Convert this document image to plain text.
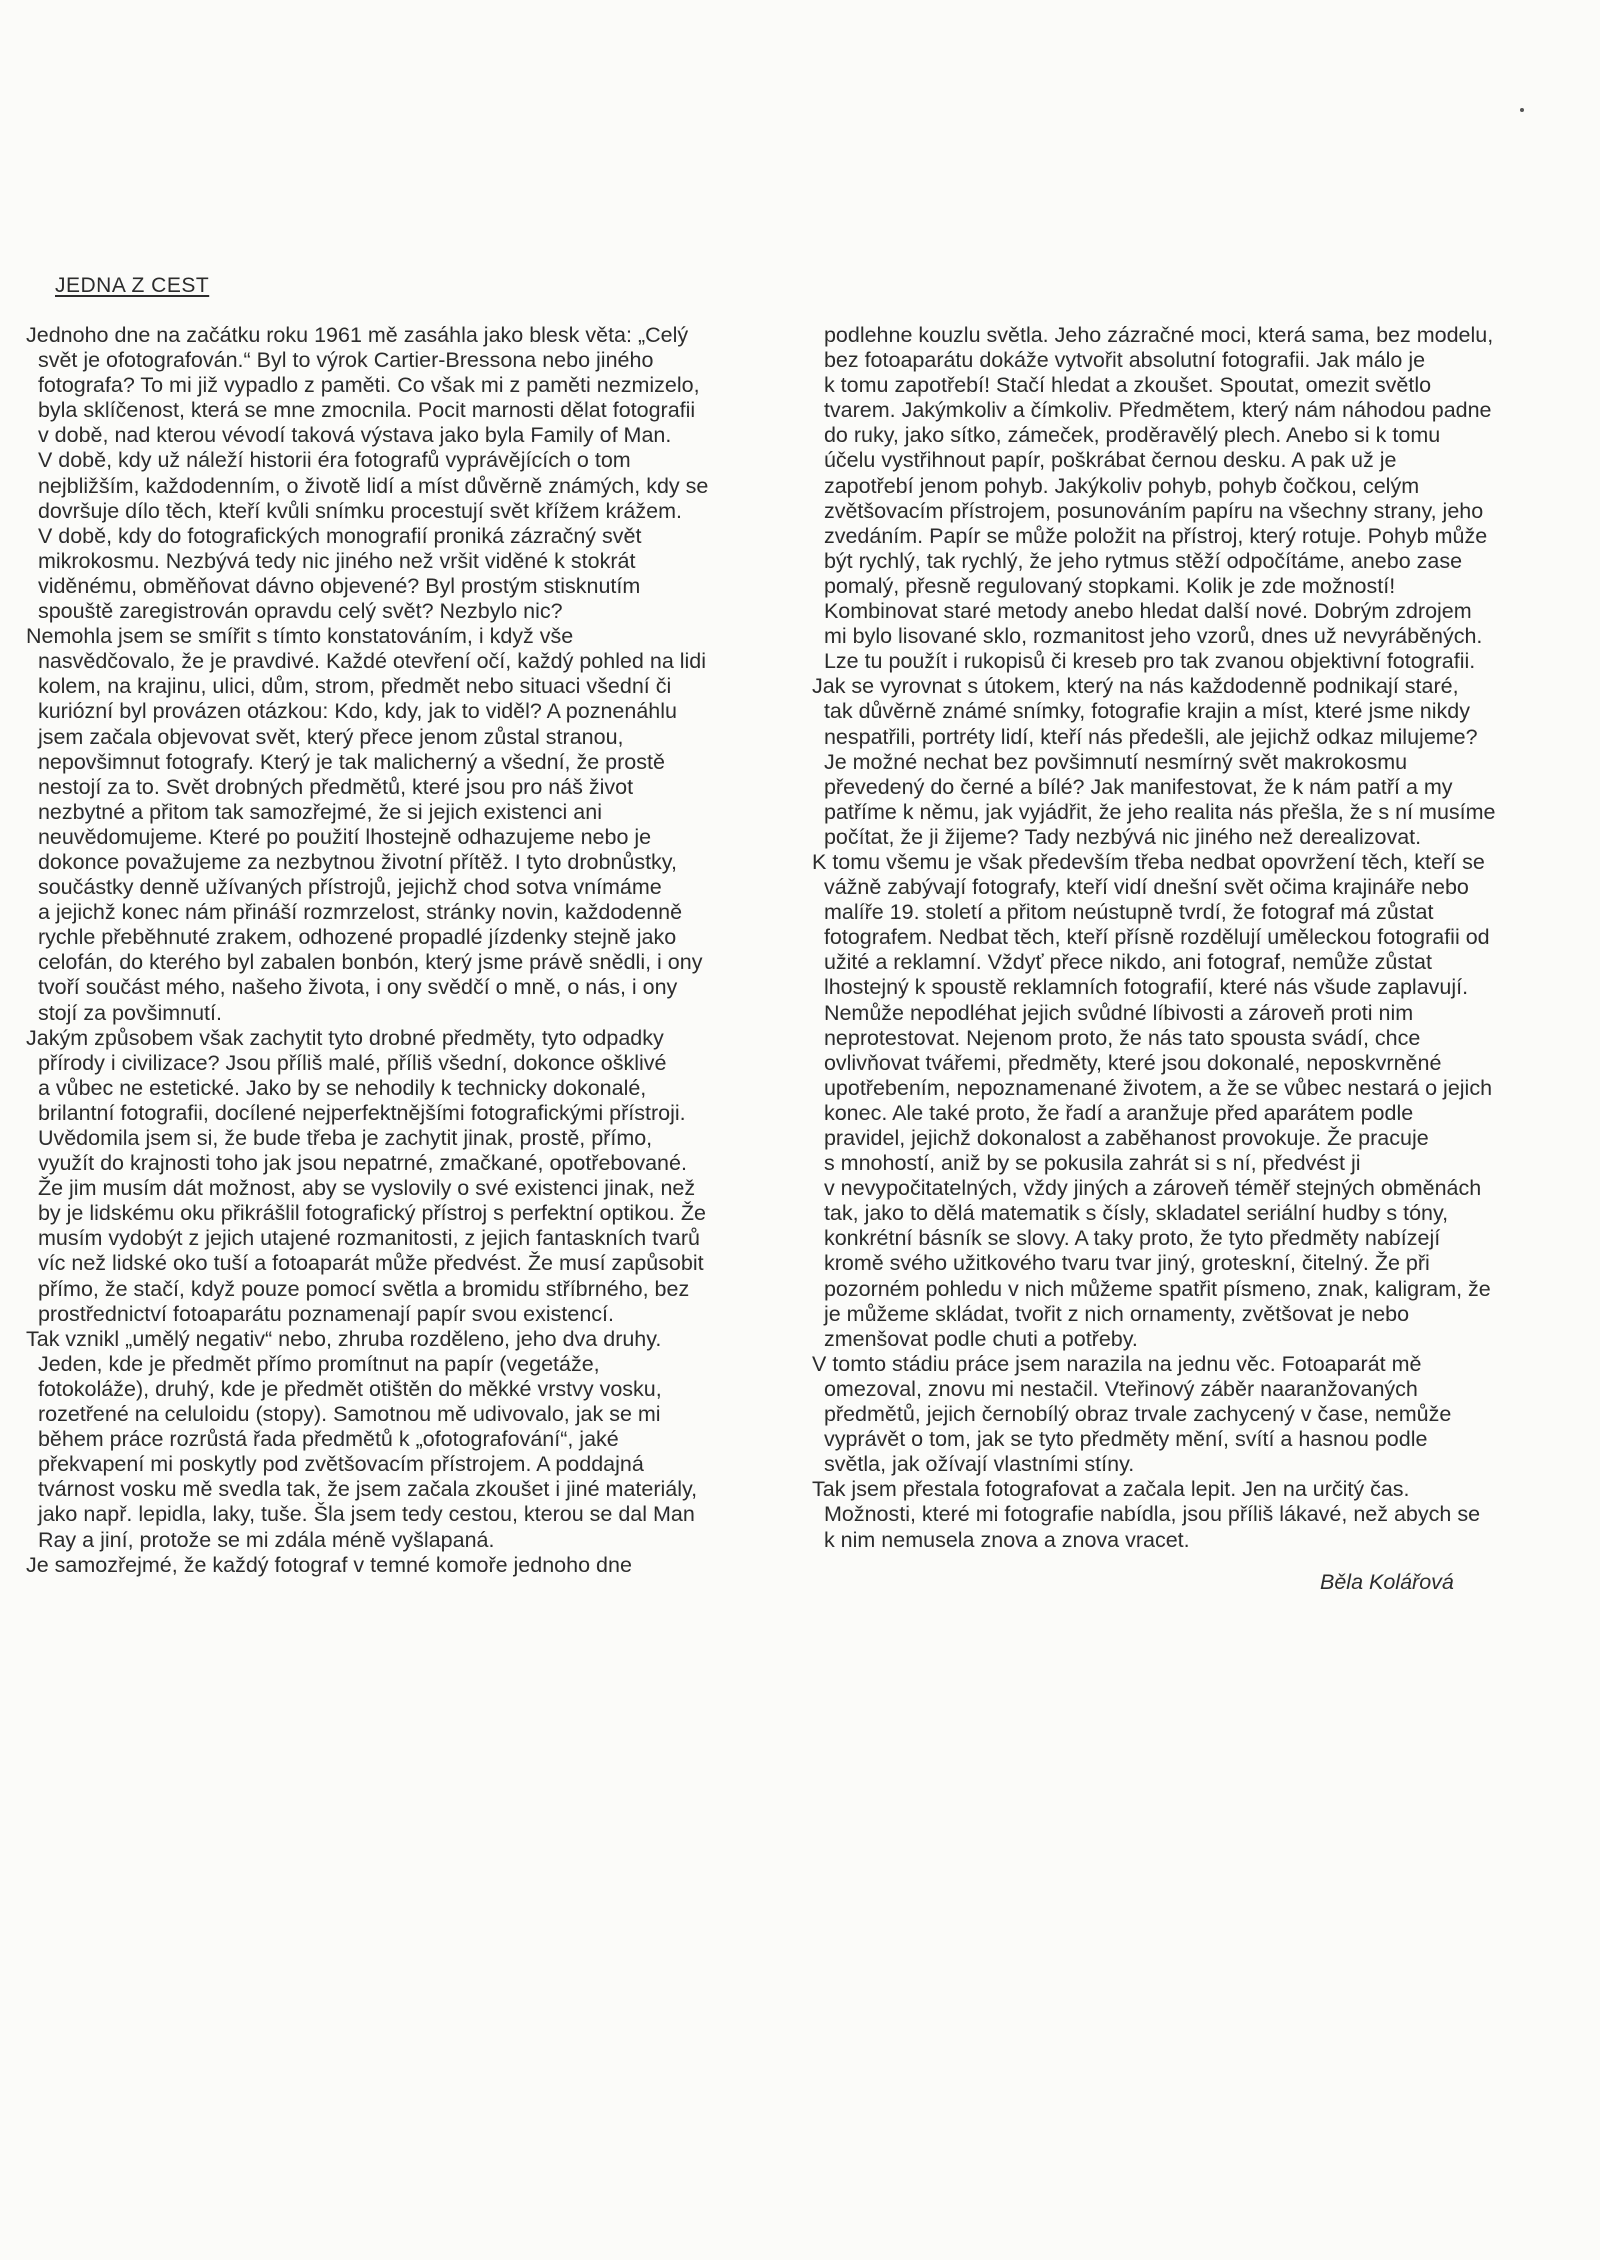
JEDNA Z CEST
Jednoho dne na začátku roku 1961 mě zasáhla jako blesk věta: „Celý
svět je ofotografován.“ Byl to výrok Cartier-Bressona nebo jiného
fotografa? To mi již vypadlo z paměti. Co však mi z paměti nezmizelo,
byla sklíčenost, která se mne zmocnila. Pocit marnosti dělat fotografii
v době, nad kterou vévodí taková výstava jako byla Family of Man.
V době, kdy už náleží historii éra fotografů vyprávějících o tom
nejbližším, každodenním, o životě lidí a míst důvěrně známých, kdy se
dovršuje dílo těch, kteří kvůli snímku procestují svět křížem krážem.
V době, kdy do fotografických monografií proniká zázračný svět
mikrokosmu. Nezbývá tedy nic jiného než vršit viděné k stokrát
viděnému, obměňovat dávno objevené? Byl prostým stisknutím
spouště zaregistrován opravdu celý svět? Nezbylo nic?
Nemohla jsem se smířit s tímto konstatováním, i když vše
nasvědčovalo, že je pravdivé. Každé otevření očí, každý pohled na lidi
kolem, na krajinu, ulici, dům, strom, předmět nebo situaci všední či
kuriózní byl provázen otázkou: Kdo, kdy, jak to viděl? A poznenáhlu
jsem začala objevovat svět, který přece jenom zůstal stranou,
nepovšimnut fotografy. Který je tak malicherný a všední, že prostě
nestojí za to. Svět drobných předmětů, které jsou pro náš život
nezbytné a přitom tak samozřejmé, že si jejich existenci ani
neuvědomujeme. Které po použití lhostejně odhazujeme nebo je
dokonce považujeme za nezbytnou životní přítěž. I tyto drobnůstky,
součástky denně užívaných přístrojů, jejichž chod sotva vnímáme
a jejichž konec nám přináší rozmrzelost, stránky novin, každodenně
rychle přeběhnuté zrakem, odhozené propadlé jízdenky stejně jako
celofán, do kterého byl zabalen bonbón, který jsme právě snědli, i ony
tvoří součást mého, našeho života, i ony svědčí o mně, o nás, i ony
stojí za povšimnutí.
Jakým způsobem však zachytit tyto drobné předměty, tyto odpadky
přírody i civilizace? Jsou příliš malé, příliš všední, dokonce ošklivé
a vůbec ne estetické. Jako by se nehodily k technicky dokonalé,
brilantní fotografii, docílené nejperfektnějšími fotografickými přístroji.
Uvědomila jsem si, že bude třeba je zachytit jinak, prostě, přímo,
využít do krajnosti toho jak jsou nepatrné, zmačkané, opotřebované.
Že jim musím dát možnost, aby se vyslovily o své existenci jinak, než
by je lidskému oku přikrášlil fotografický přístroj s perfektní optikou. Že
musím vydobýt z jejich utajené rozmanitosti, z jejich fantaskních tvarů
víc než lidské oko tuší a fotoaparát může předvést. Že musí zapůsobit
přímo, že stačí, když pouze pomocí světla a bromidu stříbrného, bez
prostřednictví fotoaparátu poznamenají papír svou existencí.
Tak vznikl „umělý negativ“ nebo, zhruba rozděleno, jeho dva druhy.
Jeden, kde je předmět přímo promítnut na papír (vegetáže,
fotokoláže), druhý, kde je předmět otištěn do měkké vrstvy vosku,
rozetřené na celuloidu (stopy). Samotnou mě udivovalo, jak se mi
během práce rozrůstá řada předmětů k „ofotografování“, jaké
překvapení mi poskytly pod zvětšovacím přístrojem. A poddajná
tvárnost vosku mě svedla tak, že jsem začala zkoušet i jiné materiály,
jako např. lepidla, laky, tuše. Šla jsem tedy cestou, kterou se dal Man
Ray a jiní, protože se mi zdála méně vyšlapaná.
Je samozřejmé, že každý fotograf v temné komoře jednoho dne
podlehne kouzlu světla. Jeho zázračné moci, která sama, bez modelu,
bez fotoaparátu dokáže vytvořit absolutní fotografii. Jak málo je
k tomu zapotřebí! Stačí hledat a zkoušet. Spoutat, omezit světlo
tvarem. Jakýmkoliv a čímkoliv. Předmětem, který nám náhodou padne
do ruky, jako sítko, zámeček, proděravělý plech. Anebo si k tomu
účelu vystřihnout papír, poškrábat černou desku. A pak už je
zapotřebí jenom pohyb. Jakýkoliv pohyb, pohyb čočkou, celým
zvětšovacím přístrojem, posunováním papíru na všechny strany, jeho
zvedáním. Papír se může položit na přístroj, který rotuje. Pohyb může
být rychlý, tak rychlý, že jeho rytmus stěží odpočítáme, anebo zase
pomalý, přesně regulovaný stopkami. Kolik je zde možností!
Kombinovat staré metody anebo hledat další nové. Dobrým zdrojem
mi bylo lisované sklo, rozmanitost jeho vzorů, dnes už nevyráběných.
Lze tu použít i rukopisů či kreseb pro tak zvanou objektivní fotografii.
Jak se vyrovnat s útokem, který na nás každodenně podnikají staré,
tak důvěrně známé snímky, fotografie krajin a míst, které jsme nikdy
nespatřili, portréty lidí, kteří nás předešli, ale jejichž odkaz milujeme?
Je možné nechat bez povšimnutí nesmírný svět makrokosmu
převedený do černé a bílé? Jak manifestovat, že k nám patří a my
patříme k němu, jak vyjádřit, že jeho realita nás přešla, že s ní musíme
počítat, že ji žijeme? Tady nezbývá nic jiného než derealizovat.
K tomu všemu je však především třeba nedbat opovržení těch, kteří se
vážně zabývají fotografy, kteří vidí dnešní svět očima krajináře nebo
malíře 19. století a přitom neústupně tvrdí, že fotograf má zůstat
fotografem. Nedbat těch, kteří přísně rozdělují uměleckou fotografii od
užité a reklamní. Vždyť přece nikdo, ani fotograf, nemůže zůstat
lhostejný k spoustě reklamních fotografií, které nás všude zaplavují.
Nemůže nepodléhat jejich svůdné líbivosti a zároveň proti nim
neprotestovat. Nejenom proto, že nás tato spousta svádí, chce
ovlivňovat tvářemi, předměty, které jsou dokonalé, neposkvrněné
upotřebením, nepoznamenané životem, a že se vůbec nestará o jejich
konec. Ale také proto, že řadí a aranžuje před aparátem podle
pravidel, jejichž dokonalost a zaběhanost provokuje. Že pracuje
s mnohostí, aniž by se pokusila zahrát si s ní, předvést ji
v nevypočitatelných, vždy jiných a zároveň téměř stejných obměnách
tak, jako to dělá matematik s čísly, skladatel seriální hudby s tóny,
konkrétní básník se slovy. A taky proto, že tyto předměty nabízejí
kromě svého užitkového tvaru tvar jiný, groteskní, čitelný. Že při
pozorném pohledu v nich můžeme spatřit písmeno, znak, kaligram, že
je můžeme skládat, tvořit z nich ornamenty, zvětšovat je nebo
zmenšovat podle chuti a potřeby.
V tomto stádiu práce jsem narazila na jednu věc. Fotoaparát mě
omezoval, znovu mi nestačil. Vteřinový záběr naaranžovaných
předmětů, jejich černobílý obraz trvale zachycený v čase, nemůže
vyprávět o tom, jak se tyto předměty mění, svítí a hasnou podle
světla, jak ožívají vlastními stíny.
Tak jsem přestala fotografovat a začala lepit. Jen na určitý čas.
Možnosti, které mi fotografie nabídla, jsou příliš lákavé, než abych se
k nim nemusela znova a znova vracet.
Běla Kolářová
